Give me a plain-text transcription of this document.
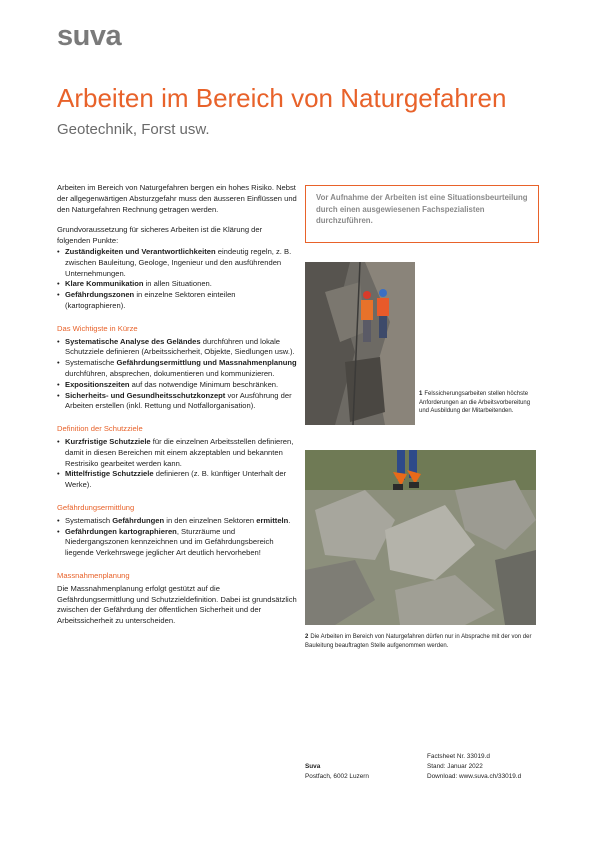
suva
Arbeiten im Bereich von Naturgefahren
Geotechnik, Forst usw.

Arbeiten im Bereich von Naturgefahren bergen ein hohes Risiko. Nebst der allgegenwärtigen Absturzgefahr muss den äusseren Einflüssen und den Naturgefahren Rechnung getragen werden.

Grundvoraussetzung für sicheres Arbeiten ist die Klärung der folgenden Punkte:

• Zuständigkeiten und Verantwortlichkeiten eindeutig regeln, z. B. zwischen Bauleitung, Geologe, Ingenieur und den ausführenden Unternehmungen.
• Klare Kommunikation in allen Situationen.
• Gefährdungszonen in einzelne Sektoren einteilen (kartographieren).
Das Wichtigste in Kürze
• Systematische Analyse des Geländes durchführen und lokale Schutzziele definieren (Arbeitssicherheit, Objekte, Siedlungen usw.).
• Systematische Gefährdungsermittlung und Massnahmenplanung durchführen, absprechen, dokumentieren und kommunizieren.
• Expositionszeiten auf das notwendige Minimum beschränken.
• Sicherheits- und Gesundheitsschutzkonzept vor Ausführung der Arbeiten erstellen (inkl. Rettung und Notfallorganisation).
Definition der Schutzziele
• Kurzfristige Schutzziele für die einzelnen Arbeitsstellen definieren, damit in diesen Bereichen mit einem akzeptablen und bekannten Restrisiko gearbeitet werden kann.
• Mittelfristige Schutzziele definieren (z. B. künftiger Unterhalt der Werke).
Gefährdungsermittlung
• Systematisch Gefährdungen in den einzelnen Sektoren ermitteln.
• Gefährdungen kartographieren, Sturzräume und Niedergangszonen kennzeichnen und im Gefährdungsbereich liegende Verkehrswege jeglicher Art deutlich hervorheben!
Massnahmenplanung

Die Massnahmenplanung erfolgt gestützt auf die Gefährdungsermittlung und Schutzzieldefinition. Dabei ist grundsätzlich zwischen der Gefährdung der öffentlichen Sicherheit und der Arbeitssicherheit zu unterscheiden.

Vor Aufnahme der Arbeiten ist eine Situationsbeurteilung durch einen ausgewiesenen Fachspezialisten durchzuführen.
1 Felssicherungsarbeiten stellen höchste Anforderungen an die Arbeitsvorbereitung und Ausbildung der Mitarbeitenden.
2 Die Arbeiten im Bereich von Naturgefahren dürfen nur in Absprache mit der von der Bauleitung beauftragten Stelle aufgenommen werden.
Suva
Postfach, 6002 Luzern
Factsheet Nr. 33019.d
Stand: Januar 2022
Download: www.suva.ch/33019.d
